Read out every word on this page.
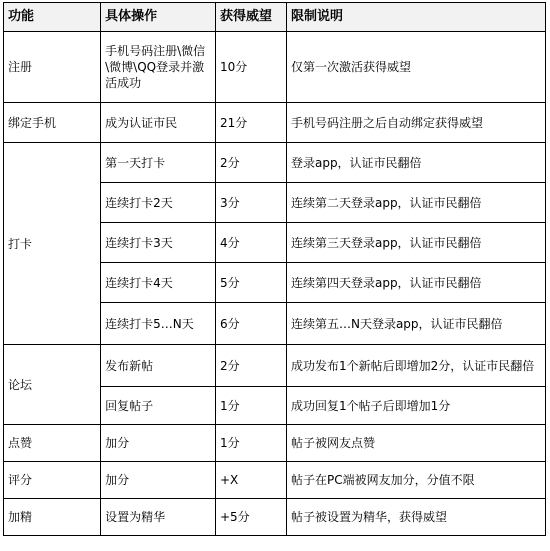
功能	具体操作	获得威望	限制说明
注册	手机号码注册\微信\微博\QQ登录并激活成功	10分	仅第一次激活获得威望
绑定手机	成为认证市民	21分	手机号码注册之后自动绑定获得威望
打卡	第一天打卡	2分	登录app，认证市民翻倍
	连续打卡2天	3分	连续第二天登录app，认证市民翻倍
	连续打卡3天	4分	连续第三天登录app，认证市民翻倍
	连续打卡4天	5分	连续第四天登录app，认证市民翻倍
	连续打卡5…N天	6分	连续第五…N天登录app，认证市民翻倍
论坛	发布新帖	2分	成功发布1个新帖后即增加2分，认证市民翻倍
	回复帖子	1分	成功回复1个帖子后即增加1分
点赞	加分	1分	帖子被网友点赞
评分	加分	+X	帖子在PC端被网友加分，分值不限
加精	设置为精华	+5分	帖子被设置为精华，获得威望
